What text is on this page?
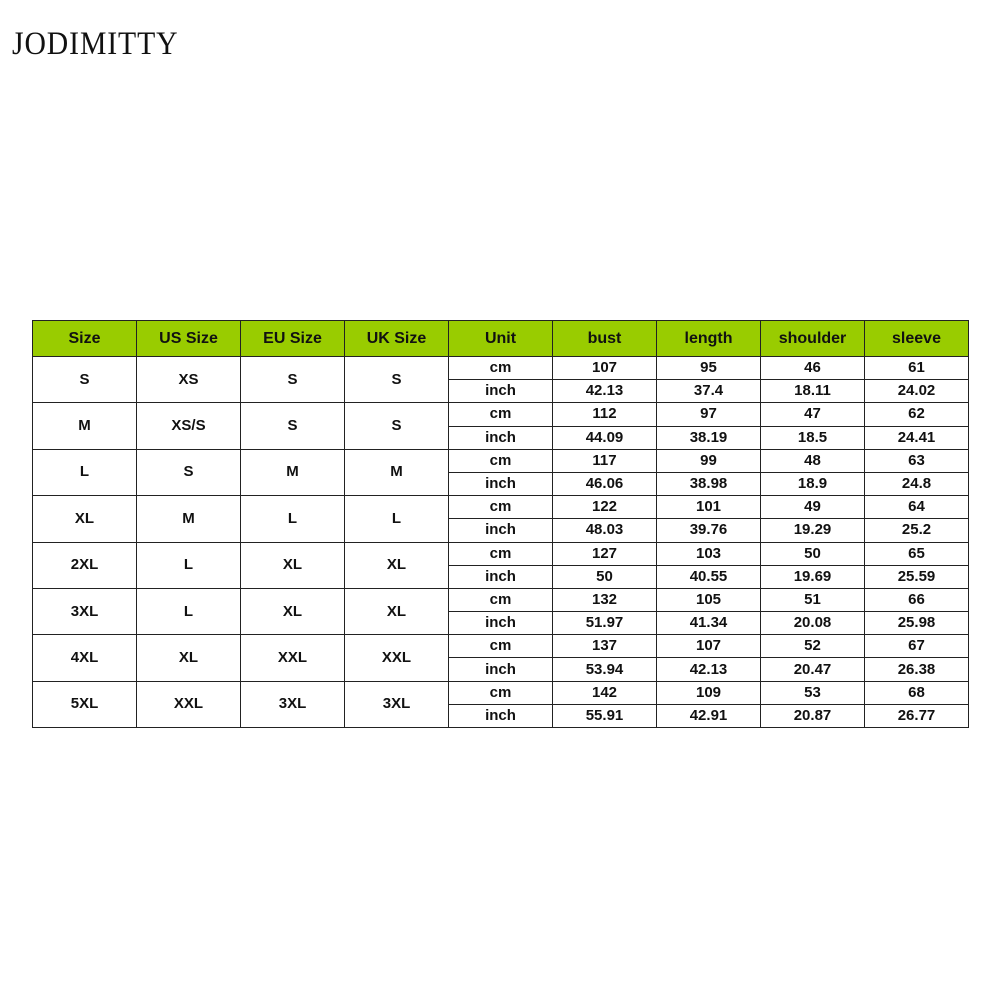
JODIMITTY
Size	US Size	EU Size	UK Size	Unit	bust	length	shoulder	sleeve
S	XS	S	S	cm	107	95	46	61
				inch	42.13	37.4	18.11	24.02
M	XS/S	S	S	cm	112	97	47	62
				inch	44.09	38.19	18.5	24.41
L	S	M	M	cm	117	99	48	63
				inch	46.06	38.98	18.9	24.8
XL	M	L	L	cm	122	101	49	64
				inch	48.03	39.76	19.29	25.2
2XL	L	XL	XL	cm	127	103	50	65
				inch	50	40.55	19.69	25.59
3XL	L	XL	XL	cm	132	105	51	66
				inch	51.97	41.34	20.08	25.98
4XL	XL	XXL	XXL	cm	137	107	52	67
				inch	53.94	42.13	20.47	26.38
5XL	XXL	3XL	3XL	cm	142	109	53	68
				inch	55.91	42.91	20.87	26.77
